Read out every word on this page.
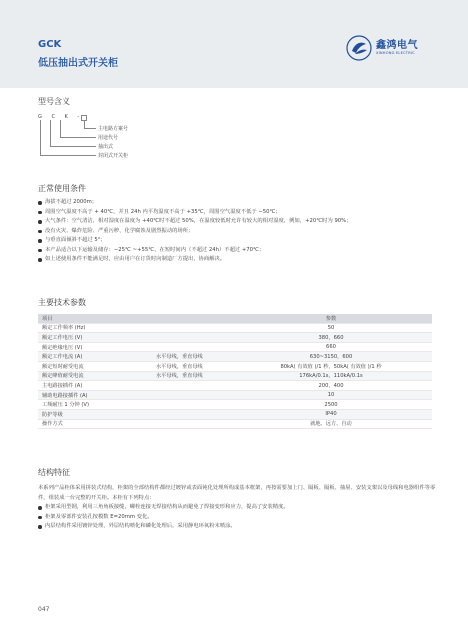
GCK
低压抽出式开关柜
鑫鸿电气
XINHONG ELECTRIC
型号含义
G C K -
主电路方案号
用途代号
抽出式
封闭式开关柜
正常使用条件
海拔不超过 2000m；
周围空气温度不高于 + 40℃，并且 24h 内平均温度不高于 +35℃，周围空气温度不低于 −50℃；
大气条件：空气清洁，相对湿度在温度为 +40℃时不超过 50%，在温度较低时允许有较大的相对湿度，例如，+20℃时为 90%；
没有火灾、爆炸危险、严重污秽、化学腐蚀及剧烈振动的场所；
与垂直面倾斜不超过 5°；
本产品适合以下运输及储存：−25℃ ~+55℃，在短时间内（不超过 24h）不超过 +70℃；
如上述使用条件不能满足时，应由用户在订货时向制造厂方提出，协商解决。
主要技术参数
项目		参数
额定工作频率 (Hz)		50
额定工作电压 (V)		380，660
额定绝缘电压 (V)		660
额定工作电流 (A)	水平母线，垂直母线	630~3150，600
额定短时耐受电流	水平母线，垂直母线	80kA( 有效值 )/1 秒，50kA( 有效值 )/1 秒
额定峰值耐受电流	水平母线，垂直母线	176kA/0.1s，110kA/0.1s
主电路接插件 (A)		200，400
辅助电路接插件 (A)		10
工频耐压 1 分钟 (V)		2500
防护等级		IP40
操作方式		就地、远方、自动
结构特征
本系列产品柜体采用拼装式结构，柜架的全部结构件都经过镀锌或表面钝化处理所构成基本框架，再按需要加上门、隔板、隔板、抽屉、安装支架以及母线和电器组件等零件，组装成一台完整的开关柜。本柜有下列特点：
柜架采用型钢，利用三角角板接缝，螺栓连接无焊接结构从而避免了焊接变形和应力，提高了安装精度。
柜架及零部件安装孔按模数 E=20mm 变化。
内层结构件采用镀锌处理，外层结构喷化和磷化处理后，采用静电环氧粉末喷涂。
047
